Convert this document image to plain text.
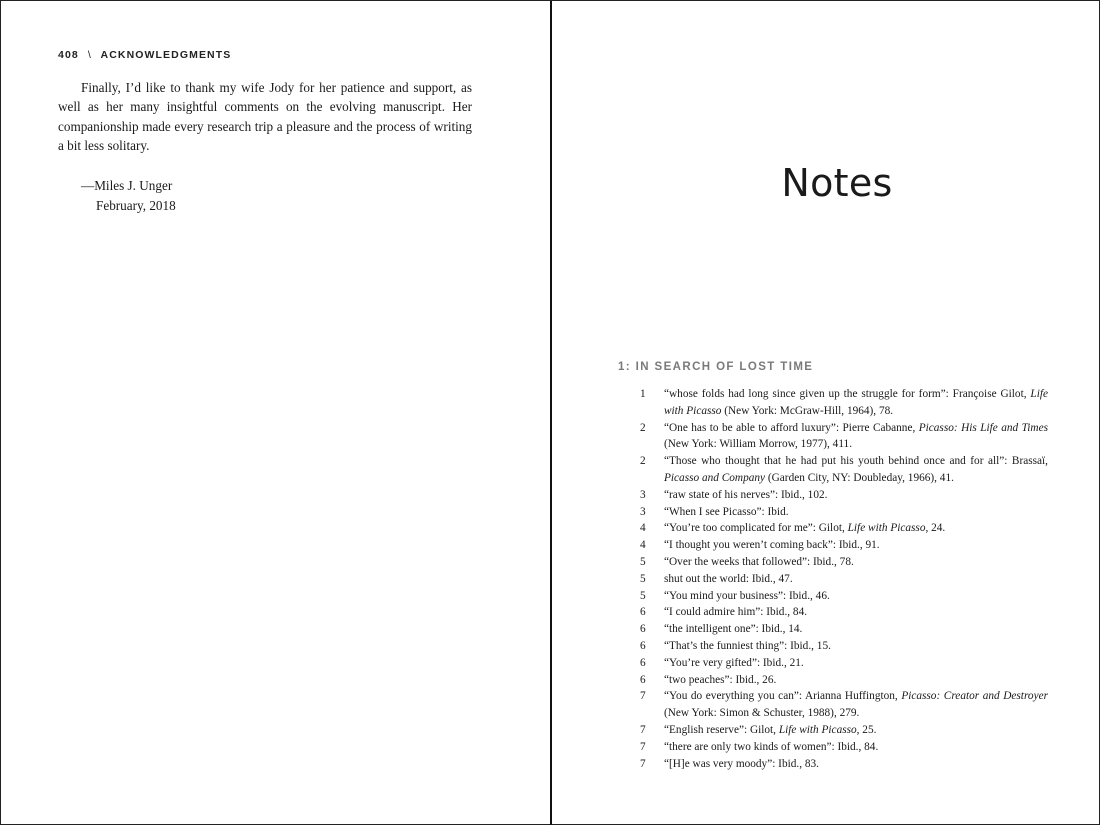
408 \ ACKNOWLEDGMENTS

Finally, I’d like to thank my wife Jody for her patience and support, as well as her many insightful comments on the evolving manuscript. Her companionship made every research trip a pleasure and the process of writing a bit less solitary.

—Miles J. Unger
February, 2018	Notes
1: IN SEARCH OF LOST TIME
1	“whose folds had long since given up the struggle for form”: Françoise Gilot, Life with Picasso (New York: McGraw-Hill, 1964), 78.
2	“One has to be able to afford luxury”: Pierre Cabanne, Picasso: His Life and Times (New York: William Morrow, 1977), 411.
2	“Those who thought that he had put his youth behind once and for all”: Brassaï, Picasso and Company (Garden City, NY: Doubleday, 1966), 41.
3	“raw state of his nerves”: Ibid., 102.
3	“When I see Picasso”: Ibid.
4	“You’re too complicated for me”: Gilot, Life with Picasso, 24.
4	“I thought you weren’t coming back”: Ibid., 91.
5	“Over the weeks that followed”: Ibid., 78.
5	shut out the world: Ibid., 47.
5	“You mind your business”: Ibid., 46.
6	“I could admire him”: Ibid., 84.
6	“the intelligent one”: Ibid., 14.
6	“That’s the funniest thing”: Ibid., 15.
6	“You’re very gifted”: Ibid., 21.
6	“two peaches”: Ibid., 26.
7	“You do everything you can”: Arianna Huffington, Picasso: Creator and Destroyer (New York: Simon & Schuster, 1988), 279.
7	“English reserve”: Gilot, Life with Picasso, 25.
7	“there are only two kinds of women”: Ibid., 84.
7	“[H]e was very moody”: Ibid., 83.
